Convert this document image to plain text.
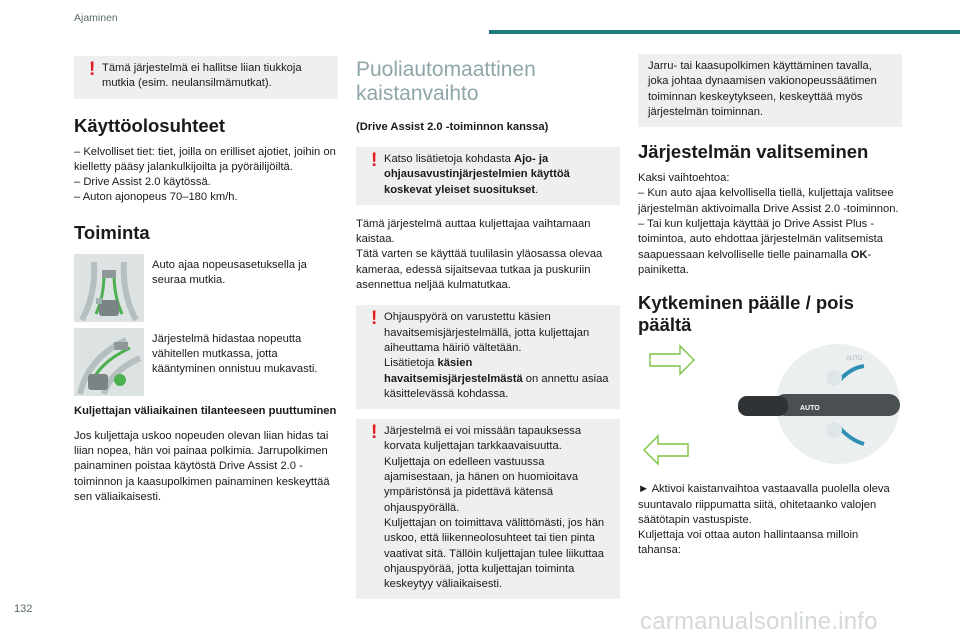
Ajaminen
! Tämä järjestelmä ei hallitse liian tiukkoja mutkia (esim. neulansilmämutkat).
Käyttöolosuhteet
– Kelvolliset tiet: tiet, joilla on erilliset ajotiet, joihin on kielletty pääsy jalankulkijoilta ja pyöräilijöiltä.
– Drive Assist 2.0 käytössä.
– Auton ajonopeus 70–180 km/h.
Toiminta
Auto ajaa nopeusasetuksella ja seuraa mutkia.
Järjestelmä hidastaa nopeutta vähitellen mutkassa, jotta kääntyminen onnistuu mukavasti.
Kuljettajan väliaikainen tilanteeseen puuttuminen
Jos kuljettaja uskoo nopeuden olevan liian hidas tai liian nopea, hän voi painaa polkimia. Jarrupolkimen painaminen poistaa käytöstä Drive Assist 2.0 -toiminnon ja kaasupolkimen painaminen keskeyttää sen väliaikaisesti.
Puoliautomaattinen kaistanvaihto
(Drive Assist 2.0 -toiminnon kanssa)
! Katso lisätietoja kohdasta Ajo- ja ohjausavustinjärjestelmien käyttöä koskevat yleiset suositukset.
Tämä järjestelmä auttaa kuljettajaa vaihtamaan kaistaa.
Tätä varten se käyttää tuulilasin yläosassa olevaa kameraa, edessä sijaitsevaa tutkaa ja puskuriin asennettua neljää kulmatutkaa.
! Ohjauspyörä on varustettu käsien havaitsemisjärjestelmällä, jotta kuljettajan aiheuttama häiriö vältetään.
Lisätietoja käsien havaitsemisjärjestelmästä on annettu asiaa käsittelevässä kohdassa.
! Järjestelmä ei voi missään tapauksessa korvata kuljettajan tarkkaavaisuutta.
Kuljettaja on edelleen vastuussa ajamisestaan, ja hänen on huomioitava ympäristönsä ja pidettävä kätensä ohjauspyörällä.
Kuljettajan on toimittava välittömästi, jos hän uskoo, että liikenneolosuhteet tai tien pinta vaativat sitä. Tällöin kuljettajan tulee liikuttaa ohjauspyörää, jotta kuljettajan toiminta keskeytyy väliaikaisesti.
Jarru- tai kaasupolkimen käyttäminen tavalla, joka johtaa dynaamisen vakionopeussäätimen toiminnan keskeytykseen, keskeyttää myös järjestelmän toiminnan.
Järjestelmän valitseminen
Kaksi vaihtoehtoa:
– Kun auto ajaa kelvollisella tiellä, kuljettaja valitsee järjestelmän aktivoimalla Drive Assist 2.0 -toiminnon.
– Tai kun kuljettaja käyttää jo Drive Assist Plus -toimintoa, auto ehdottaa järjestelmän valitsemista saapuessaan kelvolliselle tielle painamalla OK-painiketta.
Kytkeminen päälle / pois päältä
AUTO
AUTO
► Aktivoi kaistanvaihtoa vastaavalla puolella oleva suuntavalo riippumatta siitä, ohitetaanko valojen säätötapin vastuspiste.
Kuljettaja voi ottaa auton hallintaansa milloin tahansa:
132	carmanualsonline.info
